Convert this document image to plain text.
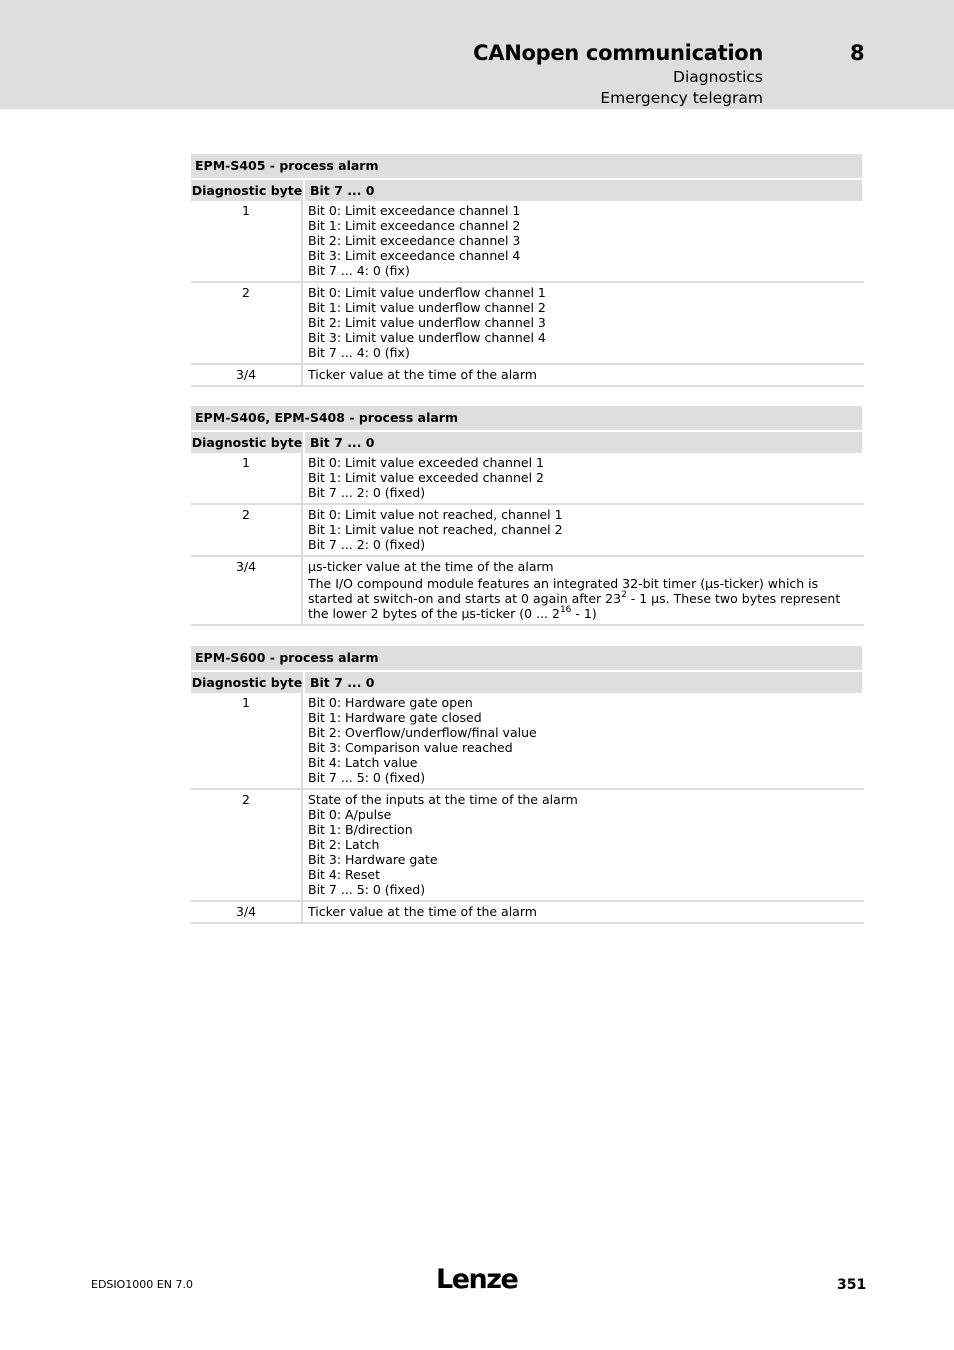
CANopen communication	8
Diagnostics
Emergency telegram
EPM-S405 - process alarm
Diagnostic byte Bit 7 ... 0
1	Bit 0: Limit exceedance channel 1
Bit 1: Limit exceedance channel 2
Bit 2: Limit exceedance channel 3
Bit 3: Limit exceedance channel 4
Bit 7 ... 4: 0 (fix)
2	Bit 0: Limit value underflow channel 1
Bit 1: Limit value underflow channel 2
Bit 2: Limit value underflow channel 3
Bit 3: Limit value underflow channel 4
Bit 7 ... 4: 0 (fix)
3/4	Ticker value at the time of the alarm
EPM-S406, EPM-S408 - process alarm
Diagnostic byte Bit 7 ... 0
1	Bit 0: Limit value exceeded channel 1
Bit 1: Limit value exceeded channel 2
Bit 7 ... 2: 0 (fixed)
2	Bit 0: Limit value not reached, channel 1
Bit 1: Limit value not reached, channel 2
Bit 7 ... 2: 0 (fixed)
3/4	µs-ticker value at the time of the alarm
The I/O compound module features an integrated 32-bit timer (µs-ticker) which is started at switch-on and starts at 0 again after $23^2 - 1$ µs. These two bytes represent the lower 2 bytes of the µs-ticker (0 ... $2^{16} - 1$)
EPM-S600 - process alarm
Diagnostic byte Bit 7 ... 0
1	Bit 0: Hardware gate open
Bit 1: Hardware gate closed
Bit 2: Overflow/underflow/final value
Bit 3: Comparison value reached
Bit 4: Latch value
Bit 7 ... 5: 0 (fixed)
2	State of the inputs at the time of the alarm
Bit 0: A/pulse
Bit 1: B/direction
Bit 2: Latch
Bit 3: Hardware gate
Bit 4: Reset
Bit 7 ... 5: 0 (fixed)
3/4	Ticker value at the time of the alarm
EDSIO1000 EN 7.0	Lenze	351
